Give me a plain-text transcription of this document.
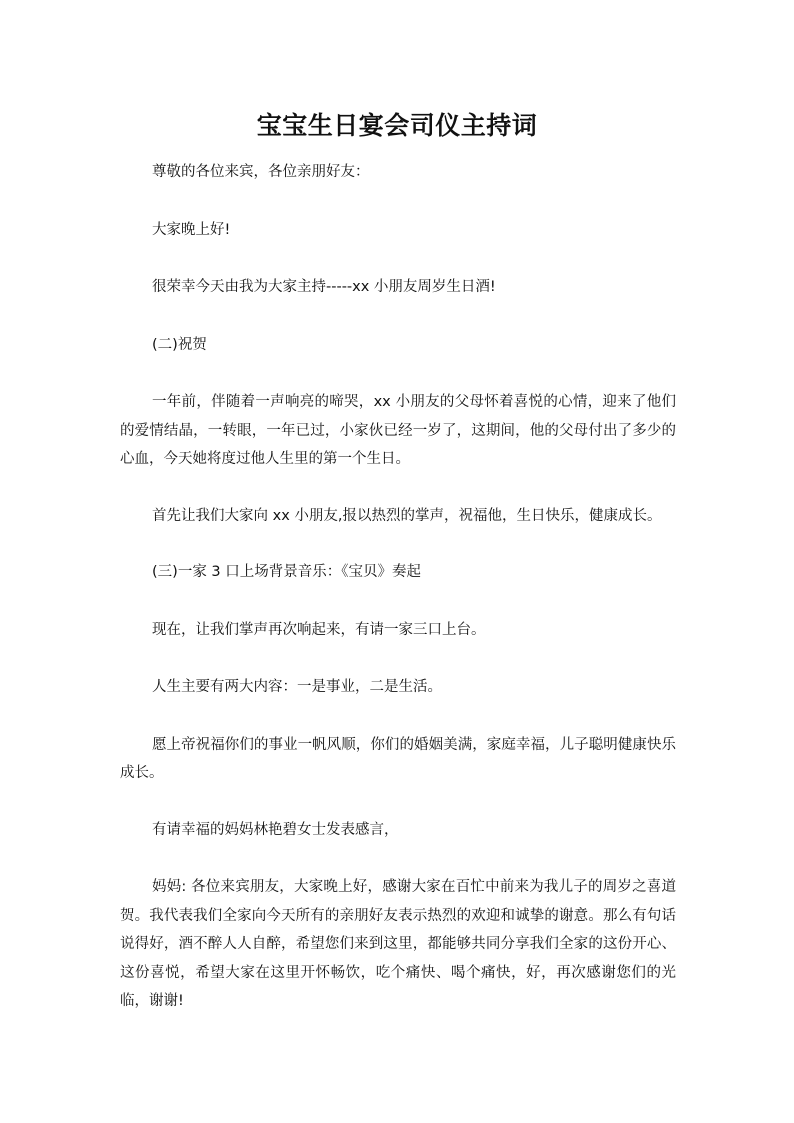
宝宝生日宴会司仪主持词

尊敬的各位来宾，各位亲朋好友：

大家晚上好!

很荣幸今天由我为大家主持-----xx 小朋友周岁生日酒!

(二)祝贺

一年前，伴随着一声响亮的啼哭，xx 小朋友的父母怀着喜悦的心情，迎来了他们的爱情结晶，一转眼，一年已过，小家伙已经一岁了，这期间，他的父母付出了多少的心血，今天她将度过他人生里的第一个生日。

首先让我们大家向 xx 小朋友,报以热烈的掌声，祝福他，生日快乐，健康成长。

(三)一家 3 口上场背景音乐：《宝贝》奏起

现在，让我们掌声再次响起来，有请一家三口上台。

人生主要有两大内容：一是事业，二是生活。

愿上帝祝福你们的事业一帆风顺，你们的婚姻美满，家庭幸福，儿子聪明健康快乐成长。

有请幸福的妈妈林艳碧女士发表感言，

妈妈: 各位来宾朋友，大家晚上好，感谢大家在百忙中前来为我儿子的周岁之喜道贺。我代表我们全家向今天所有的亲朋好友表示热烈的欢迎和诚挚的谢意。那么有句话说得好，酒不醉人人自醉，希望您们来到这里，都能够共同分享我们全家的这份开心、这份喜悦，希望大家在这里开怀畅饮，吃个痛快、喝个痛快，好，再次感谢您们的光临，谢谢!
